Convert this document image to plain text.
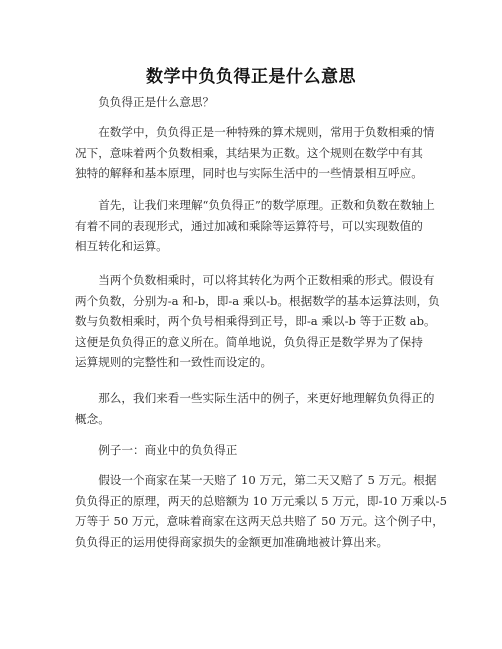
数学中负负得正是什么意思
　　负负得正是什么意思？
　　在数学中，负负得正是一种特殊的算术规则，常用于负数相乘的情
况下，意味着两个负数相乘，其结果为正数。这个规则在数学中有其
独特的解释和基本原理，同时也与实际生活中的一些情景相互呼应。
　　首先，让我们来理解“负负得正”的数学原理。正数和负数在数轴上
有着不同的表现形式，通过加减和乘除等运算符号，可以实现数值的
相互转化和运算。
　　当两个负数相乘时，可以将其转化为两个正数相乘的形式。假设有
两个负数，分别为-a 和-b，即-a 乘以-b。根据数学的基本运算法则，负
数与负数相乘时，两个负号相乘得到正号，即-a 乘以-b 等于正数 ab。
这便是负负得正的意义所在。简单地说，负负得正是数学界为了保持
运算规则的完整性和一致性而设定的。
　　那么，我们来看一些实际生活中的例子，来更好地理解负负得正的
概念。
　　例子一：商业中的负负得正
　　假设一个商家在某一天赔了 10 万元，第二天又赔了 5 万元。根据
负负得正的原理，两天的总赔额为 10 万元乘以 5 万元，即-10 万乘以-5
万等于 50 万元，意味着商家在这两天总共赔了 50 万元。这个例子中，
负负得正的运用使得商家损失的金额更加准确地被计算出来。
